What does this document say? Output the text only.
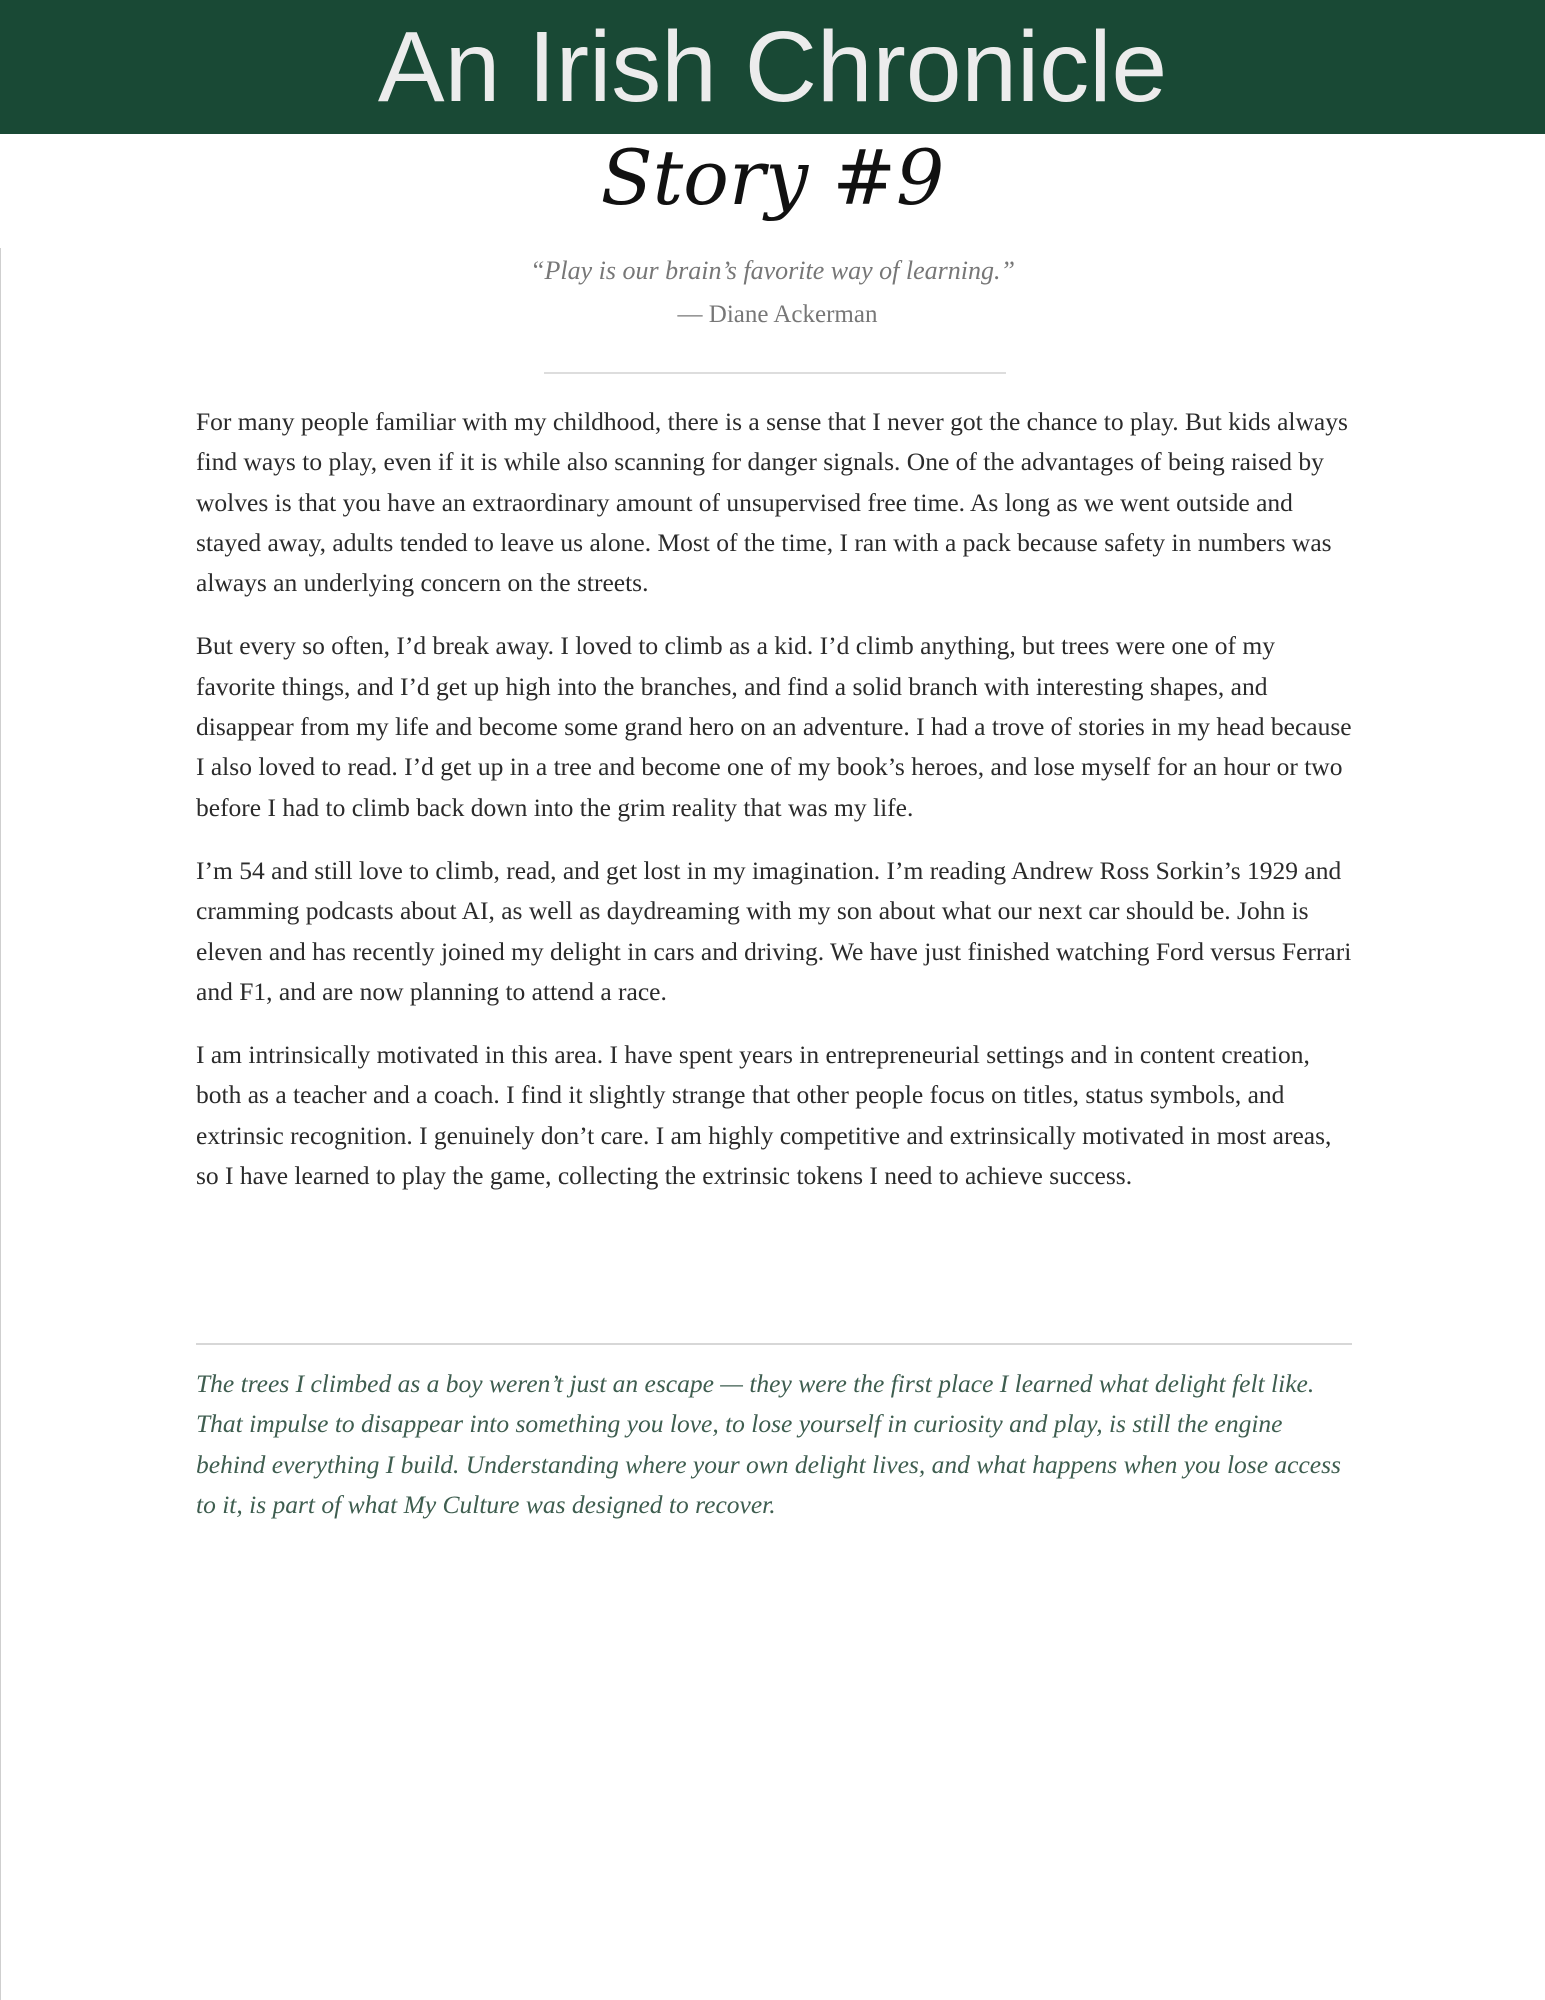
An Irish Chronicle
Story #9
“Play is our brain’s favorite way of learning.”
— Diane Ackerman

For many people familiar with my childhood, there is a sense that I never got the chance to play. But kids always find ways to play, even if it is while also scanning for danger signals. One of the advantages of being raised by wolves is that you have an extraordinary amount of unsupervised free time. As long as we went outside and stayed away, adults tended to leave us alone. Most of the time, I ran with a pack because safety in numbers was always an underlying concern on the streets.

But every so often, I’d break away. I loved to climb as a kid. I’d climb anything, but trees were one of my favorite things, and I’d get up high into the branches, and find a solid branch with interesting shapes, and disappear from my life and become some grand hero on an adventure. I had a trove of stories in my head because I also loved to read. I’d get up in a tree and become one of my book’s heroes, and lose myself for an hour or two before I had to climb back down into the grim reality that was my life.

I’m 54 and still love to climb, read, and get lost in my imagination. I’m reading Andrew Ross Sorkin’s 1929 and cramming podcasts about AI, as well as daydreaming with my son about what our next car should be. John is eleven and has recently joined my delight in cars and driving. We have just finished watching Ford versus Ferrari and F1, and are now planning to attend a race.

I am intrinsically motivated in this area. I have spent years in entrepreneurial settings and in content creation, both as a teacher and a coach. I find it slightly strange that other people focus on titles, status symbols, and extrinsic recognition. I genuinely don’t care. I am highly competitive and extrinsically motivated in most areas, so I have learned to play the game, collecting the extrinsic tokens I need to achieve success.

The trees I climbed as a boy weren’t just an escape — they were the first place I learned what delight felt like. That impulse to disappear into something you love, to lose yourself in curiosity and play, is still the engine behind everything I build. Understanding where your own delight lives, and what happens when you lose access to it, is part of what My Culture was designed to recover.
